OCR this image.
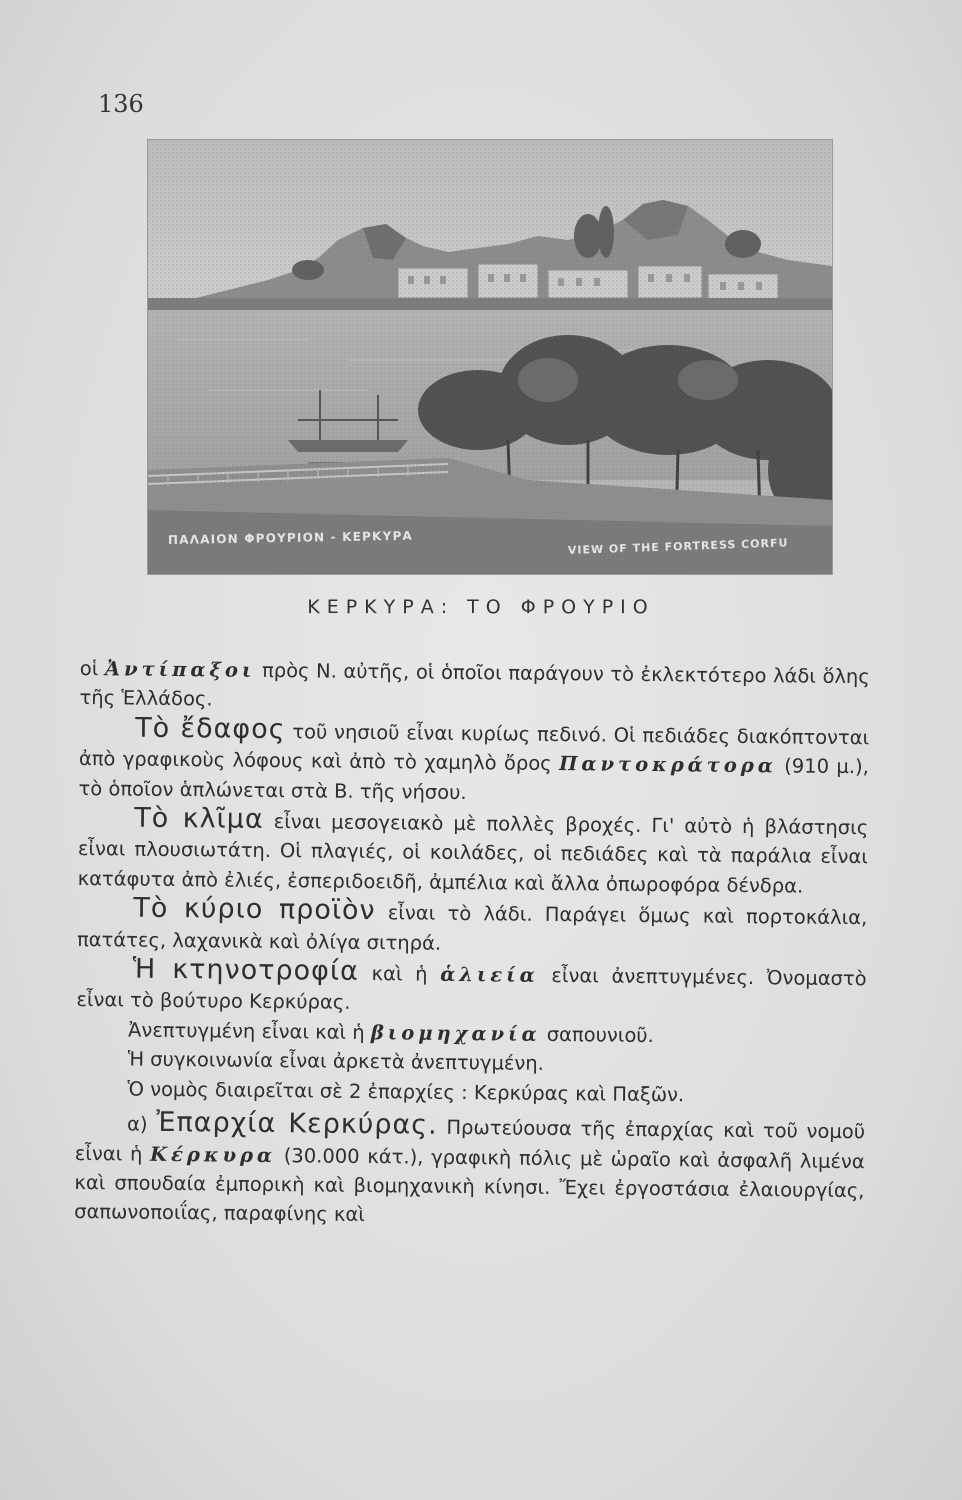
136
ΠΑΛΑΙΟΝ ΦΡΟΥΡΙΟΝ - ΚΕΡΚΥΡΑ	VIEW OF THE FORTRESS CORFU
ΚΕΡΚΥΡΑ: ΤΟ ΦΡΟΥΡΙΟ

οἱ Ἀντίπαξοι πρὸς Ν. αὐτῆς, οἱ ὁποῖοι παράγουν τὸ ἐκλεκτότερο λάδι ὅλης τῆς Ἑλλάδος.

Τὸ ἔδαφος τοῦ νησιοῦ εἶναι κυρίως πεδινό. Οἱ πεδιάδες διακόπτονται ἀπὸ γραφικοὺς λόφους καὶ ἀπὸ τὸ χαμηλὸ ὄρος Παντοκράτορα (910 μ.), τὸ ὁποῖον ἁπλώνεται στὰ Β. τῆς νήσου.

Τὸ κλῖμα εἶναι μεσογειακὸ μὲ πολλὲς βροχές. Γι' αὐτὸ ἡ βλάστησις εἶναι πλουσιωτάτη. Οἱ πλαγιές, οἱ κοιλάδες, οἱ πεδιάδες καὶ τὰ παράλια εἶναι κατάφυτα ἀπὸ ἐλιές, ἐσπεριδοειδῆ, ἀμπέλια καὶ ἄλλα ὀπωροφόρα δένδρα.

Τὸ κύριο προϊὸν εἶναι τὸ λάδι. Παράγει ὅμως καὶ πορτοκάλια, πατάτες, λαχανικὰ καὶ ὀλίγα σιτηρά.

Ἡ κτηνοτροφία καὶ ἡ ἁλιεία εἶναι ἀνεπτυγμένες. Ὀνομαστὸ εἶναι τὸ βούτυρο Κερκύρας.

Ἀνεπτυγμένη εἶναι καὶ ἡ βιομηχανία σαπουνιοῦ.

Ἡ συγκοινωνία εἶναι ἀρκετὰ ἀνεπτυγμένη.

Ὁ νομὸς διαιρεῖται σὲ 2 ἐπαρχίες : Κερκύρας καὶ Παξῶν.

α) Ἐπαρχία Κερκύρας. Πρωτεύουσα τῆς ἐπαρχίας καὶ τοῦ νομοῦ εἶναι ἡ Κέρκυρα (30.000 κάτ.), γραφικὴ πόλις μὲ ὡραῖο καὶ ἀσφαλῆ λιμένα καὶ σπουδαία ἐμπορικὴ καὶ βιομηχανικὴ κίνησι. Ἔχει ἐργοστάσια ἐλαιουργίας, σαπωνοποιΐας, παραφίνης καὶ
